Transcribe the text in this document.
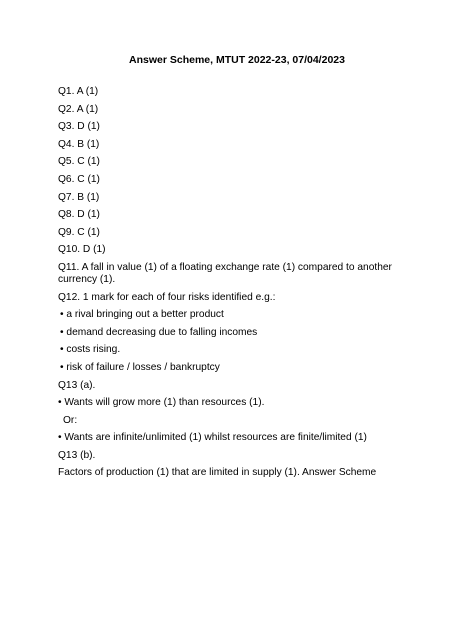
Answer Scheme, MTUT 2022-23, 07/04/2023
Q1. A (1)
Q2. A (1)
Q3. D (1)
Q4. B (1)
Q5. C (1)
Q6. C (1)
Q7. B (1)
Q8. D (1)
Q9. C (1)
Q10. D (1)
Q11. A fall in value (1) of a floating exchange rate (1) compared to another currency (1).
Q12. 1 mark for each of four risks identified e.g.:
• a rival bringing out a better product
• demand decreasing due to falling incomes
• costs rising.
• risk of failure / losses / bankruptcy
Q13 (a).
• Wants will grow more (1) than resources (1).
Or:
• Wants are infinite/unlimited (1) whilst resources are finite/limited (1)
Q13 (b).
Factors of production (1) that are limited in supply (1). Answer Scheme
